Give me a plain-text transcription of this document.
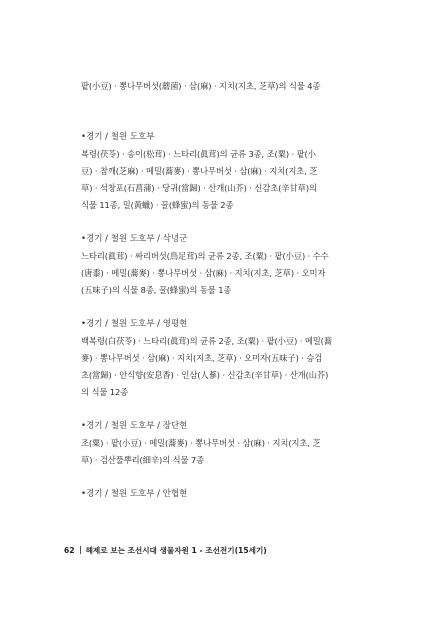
팥(小豆) · 뽕나무버섯(蘑菌) · 삼(麻) · 지치(지초, 芝草)의 식물 4종
•경기 / 철원 도호부
복령(茯苓) · 송이(松茸) · 느타리(眞茸)의 균류 3종, 조(粟) · 팥(小
豆) · 참깨(芝麻) · 메밀(蕎麥) · 뽕나무버섯 · 삼(麻) · 지치(지초, 芝
草) · 석창포(石菖蒲) · 당귀(當歸) · 산개(山芥) · 신감초(辛甘草)의
식물 11종, 밀(黃蠟) · 꿀(蜂蜜)의 동물 2종
•경기 / 철원 도호부 / 삭녕군
느타리(眞茸) · 싸리버섯(鳥足茸)의 균류 2종, 조(粟) · 팥(小豆) · 수수
(唐黍) · 메밀(蕎麥) · 뽕나무버섯 · 삼(麻) · 지치(지초, 芝草) · 오미자
(五味子)의 식물 8종, 꿀(蜂蜜)의 동물 1종
•경기 / 철원 도호부 / 영평현
백복령(白茯苓) · 느타리(眞茸)의 균류 2종, 조(粟) · 팥(小豆) · 메밀(蕎
麥) · 뽕나무버섯 · 삼(麻) · 지치(지초, 芝草) · 오미자(五味子) · 승검
초(當歸) · 안식향(安息香) · 인삼(人蔘) · 신감초(辛甘草) · 산개(山芥)
의 식물 12종
•경기 / 철원 도호부 / 장단현
조(粟) · 팥(小豆) · 메밀(蕎麥) · 뽕나무버섯 · 삼(麻) · 지치(지초, 芝
草) · 검산풀뿌리(細辛)의 식물 7종
•경기 / 철원 도호부 / 안협현
62 해제로 보는 조선시대 생물자원 1 - 조선전기(15세기)
